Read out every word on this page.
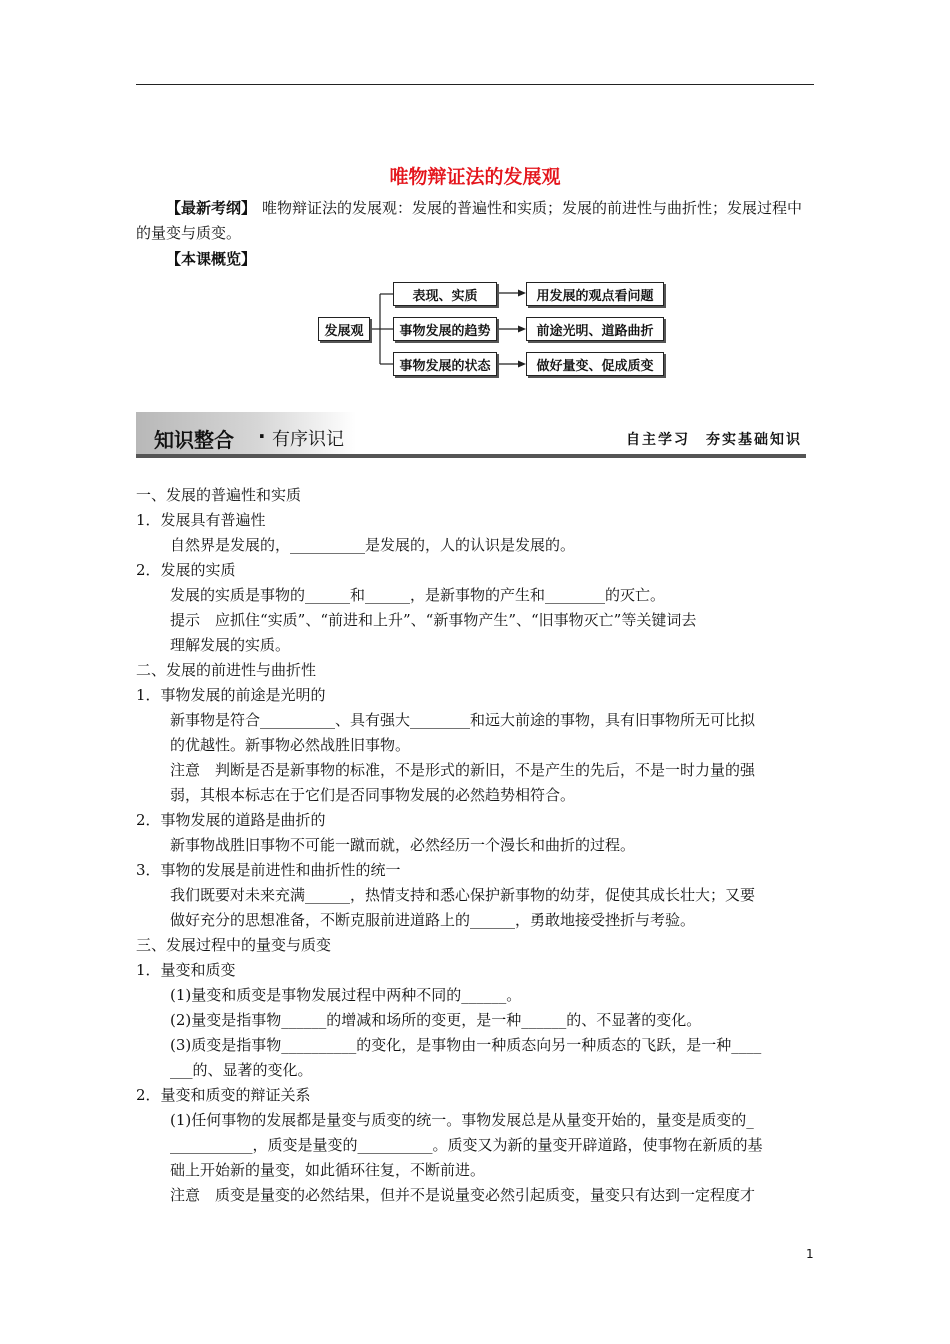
唯物辩证法的发展观
【最新考纲】 唯物辩证法的发展观：发展的普遍性和实质；发展的前进性与曲折性；发展过程中的量变与质变。
【本课概览】
发展观
表现、实质
事物发展的趋势
事物发展的状态
用发展的观点看问题
前途光明、道路曲折
做好量变、促成质变
知识整合 · 有序识记	自主学习　夯实基础知识
一、发展的普遍性和实质
1．发展具有普遍性
自然界是发展的，__________是发展的，人的认识是发展的。
2．发展的实质
发展的实质是事物的______和______，是新事物的产生和________的灭亡。
提示　应抓住“实质”、“前进和上升”、“新事物产生”、“旧事物灭亡”等关键词去
理解发展的实质。
二、发展的前进性与曲折性
1．事物发展的前途是光明的
新事物是符合__________、具有强大________和远大前途的事物，具有旧事物所无可比拟
的优越性。新事物必然战胜旧事物。
注意　判断是否是新事物的标准，不是形式的新旧，不是产生的先后，不是一时力量的强
弱，其根本标志在于它们是否同事物发展的必然趋势相符合。
2．事物发展的道路是曲折的
新事物战胜旧事物不可能一蹴而就，必然经历一个漫长和曲折的过程。
3．事物的发展是前进性和曲折性的统一
我们既要对未来充满______，热情支持和悉心保护新事物的幼芽，促使其成长壮大；又要
做好充分的思想准备，不断克服前进道路上的______，勇敢地接受挫折与考验。
三、发展过程中的量变与质变
1．量变和质变
(1)量变和质变是事物发展过程中两种不同的______。
(2)量变是指事物______的增减和场所的变更，是一种______的、不显著的变化。
(3)质变是指事物__________的变化，是事物由一种质态向另一种质态的飞跃，是一种____
___的、显著的变化。
2．量变和质变的辩证关系
(1)任何事物的发展都是量变与质变的统一。事物发展总是从量变开始的，量变是质变的_
___________，质变是量变的__________。质变又为新的量变开辟道路，使事物在新质的基
础上开始新的量变，如此循环往复，不断前进。
注意　质变是量变的必然结果，但并不是说量变必然引起质变，量变只有达到一定程度才
1
